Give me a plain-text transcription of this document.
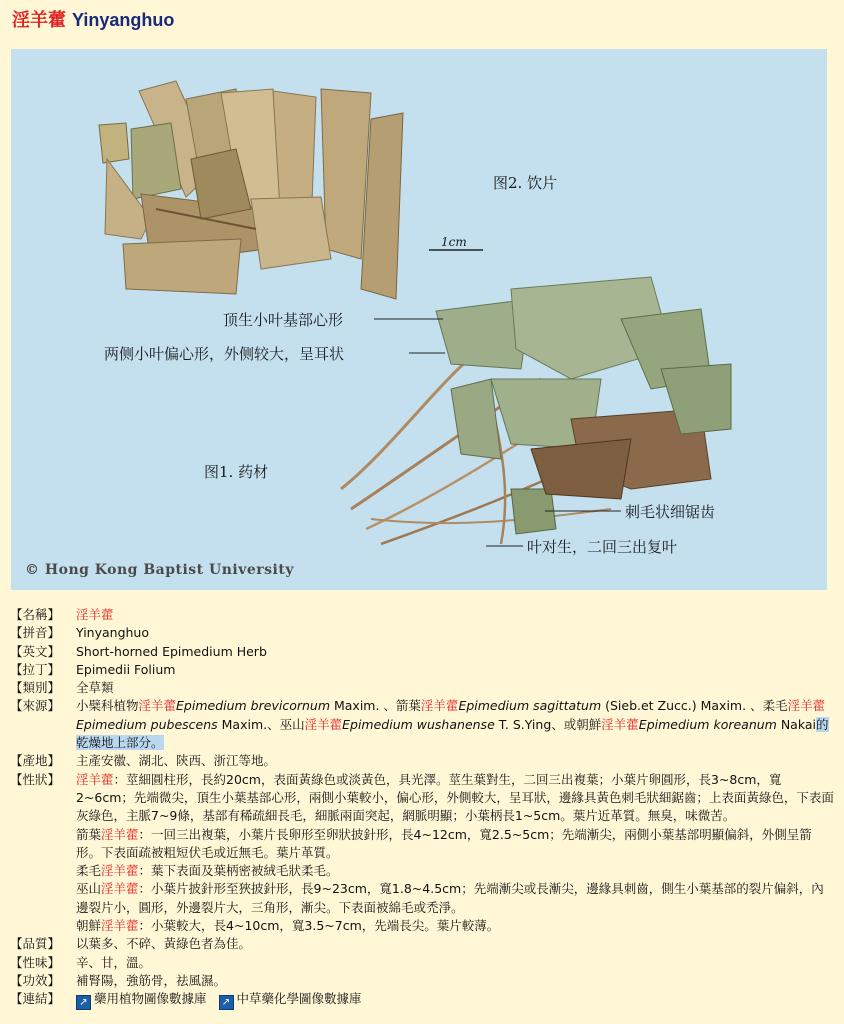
淫羊藿 Yinyanghuo
图2. 饮片
1cm
顶生小叶基部心形
两侧小叶偏心形，外侧较大，呈耳状
图1. 药材
刺毛状细锯齿
叶对生，二回三出复叶
© Hong Kong Baptist University
【名稱】	淫羊藿
【拼音】	Yinyanghuo
【英文】	Short-horned Epimedium Herb
【拉丁】	Epimedii Folium
【類別】	全草類
【來源】	小檗科植物淫羊藿Epimedium brevicornum Maxim. 、箭葉淫羊藿Epimedium sagittatum (Sieb.et Zucc.) Maxim. 、柔毛淫羊藿Epimedium pubescens Maxim.、巫山淫羊藿Epimedium wushanense T. S.Ying、或朝鮮淫羊藿Epimedium koreanum Nakai的乾燥地上部分。
【產地】	主產安徽、湖北、陝西、浙江等地。
【性狀】	淫羊藿：莖細圓柱形，長約20cm，表面黃綠色或淡黃色，具光澤。莖生葉對生，二回三出複葉；小葉片卵圓形，長3~8cm，寬2~6cm；先端微尖，頂生小葉基部心形，兩側小葉較小，偏心形，外側較大，呈耳狀，邊緣具黃色刺毛狀細鋸齒；上表面黃綠色，下表面灰綠色，主脈7~9條，基部有稀疏細長毛，細脈兩面突起，網脈明顯；小葉柄長1~5cm。葉片近革質。無臭，味微苦。
箭葉淫羊藿：一回三出複葉，小葉片長卵形至卵狀披針形，長4~12cm，寬2.5~5cm；先端漸尖，兩側小葉基部明顯偏斜，外側呈箭形。下表面疏被粗短伏毛或近無毛。葉片革質。
柔毛淫羊藿：葉下表面及葉柄密被絨毛狀柔毛。
巫山淫羊藿：小葉片披針形至狹披針形，長9~23cm，寬1.8~4.5cm；先端漸尖或長漸尖，邊緣具刺齒，側生小葉基部的裂片偏斜，內邊裂片小，圓形，外邊裂片大，三角形，漸尖。下表面被綿毛或禿淨。
朝鮮淫羊藿：小葉較大，長4~10cm，寬3.5~7cm，先端長尖。葉片較薄。
【品質】	以葉多、不碎、黃綠色者為佳。
【性味】	辛、甘，溫。
【功效】	補腎陽，強筋骨，祛風濕。
【連結】	↗ 藥用植物圖像數據庫 ↗ 中草藥化學圖像數據庫
